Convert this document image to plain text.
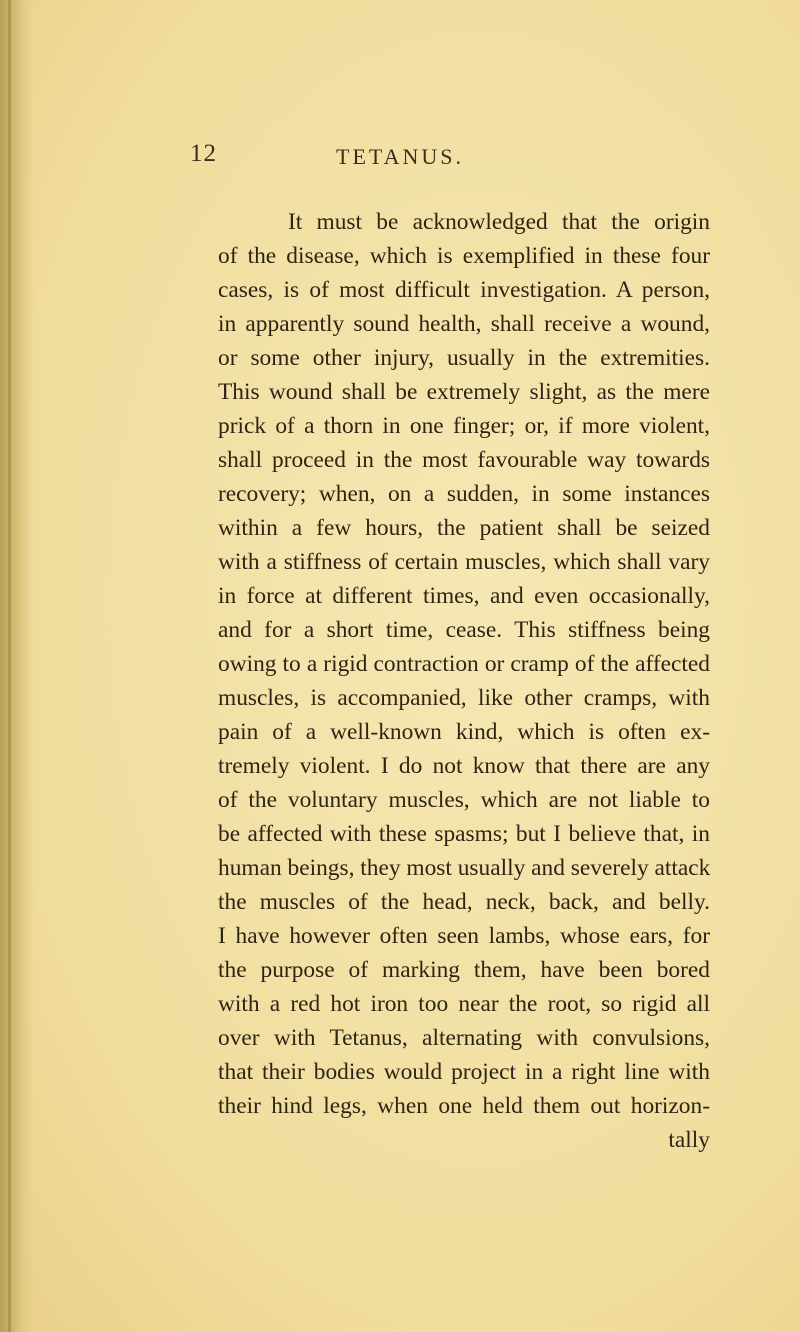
12	TETANUS.
It must be acknowledged that the origin
of the disease, which is exemplified in these four
cases, is of most difficult investigation. A person,
in apparently sound health, shall receive a wound,
or some other injury, usually in the extremities.
This wound shall be extremely slight, as the mere
prick of a thorn in one finger; or, if more violent,
shall proceed in the most favourable way towards
recovery; when, on a sudden, in some instances
within a few hours, the patient shall be seized
with a stiffness of certain muscles, which shall vary
in force at different times, and even occasionally,
and for a short time, cease. This stiffness being
owing to a rigid contraction or cramp of the affected
muscles, is accompanied, like other cramps, with
pain of a well-known kind, which is often ex-
tremely violent. I do not know that there are any
of the voluntary muscles, which are not liable to
be affected with these spasms; but I believe that, in
human beings, they most usually and severely attack
the muscles of the head, neck, back, and belly.
I have however often seen lambs, whose ears, for
the purpose of marking them, have been bored
with a red hot iron too near the root, so rigid all
over with Tetanus, alternating with convulsions,
that their bodies would project in a right line with
their hind legs, when one held them out horizon-
tally
